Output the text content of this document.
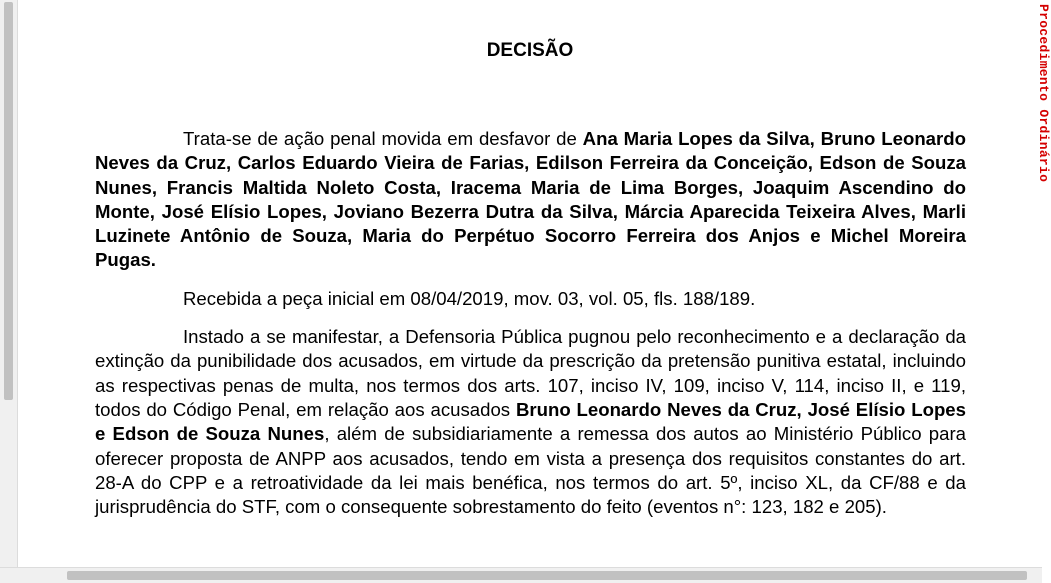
DECISÃO

Trata-se de ação penal movida em desfavor de Ana Maria Lopes da Silva, Bruno Leonardo Neves da Cruz, Carlos Eduardo Vieira de Farias, Edilson Ferreira da Conceição, Edson de Souza Nunes, Francis Maltida Noleto Costa, Iracema Maria de Lima Borges, Joaquim Ascendino do Monte, José Elísio Lopes, Joviano Bezerra Dutra da Silva, Márcia Aparecida Teixeira Alves, Marli Luzinete Antônio de Souza, Maria do Perpétuo Socorro Ferreira dos Anjos e Michel Moreira Pugas.

Recebida a peça inicial em 08/04/2019, mov. 03, vol. 05, fls. 188/189.

Instado a se manifestar, a Defensoria Pública pugnou pelo reconhecimento e a declaração da extinção da punibilidade dos acusados, em virtude da prescrição da pretensão punitiva estatal, incluindo as respectivas penas de multa, nos termos dos arts. 107, inciso IV, 109, inciso V, 114, inciso II, e 119, todos do Código Penal, em relação aos acusados Bruno Leonardo Neves da Cruz, José Elísio Lopes e Edson de Souza Nunes, além de subsidiariamente a remessa dos autos ao Ministério Público para oferecer proposta de ANPP aos acusados, tendo em vista a presença dos requisitos constantes do art. 28-A do CPP e a retroatividade da lei mais benéfica, nos termos do art. 5º, inciso XL, da CF/88 e da jurisprudência do STF, com o consequente sobrestamento do feito (eventos n°: 123, 182 e 205).

Procedimento Ordinário
